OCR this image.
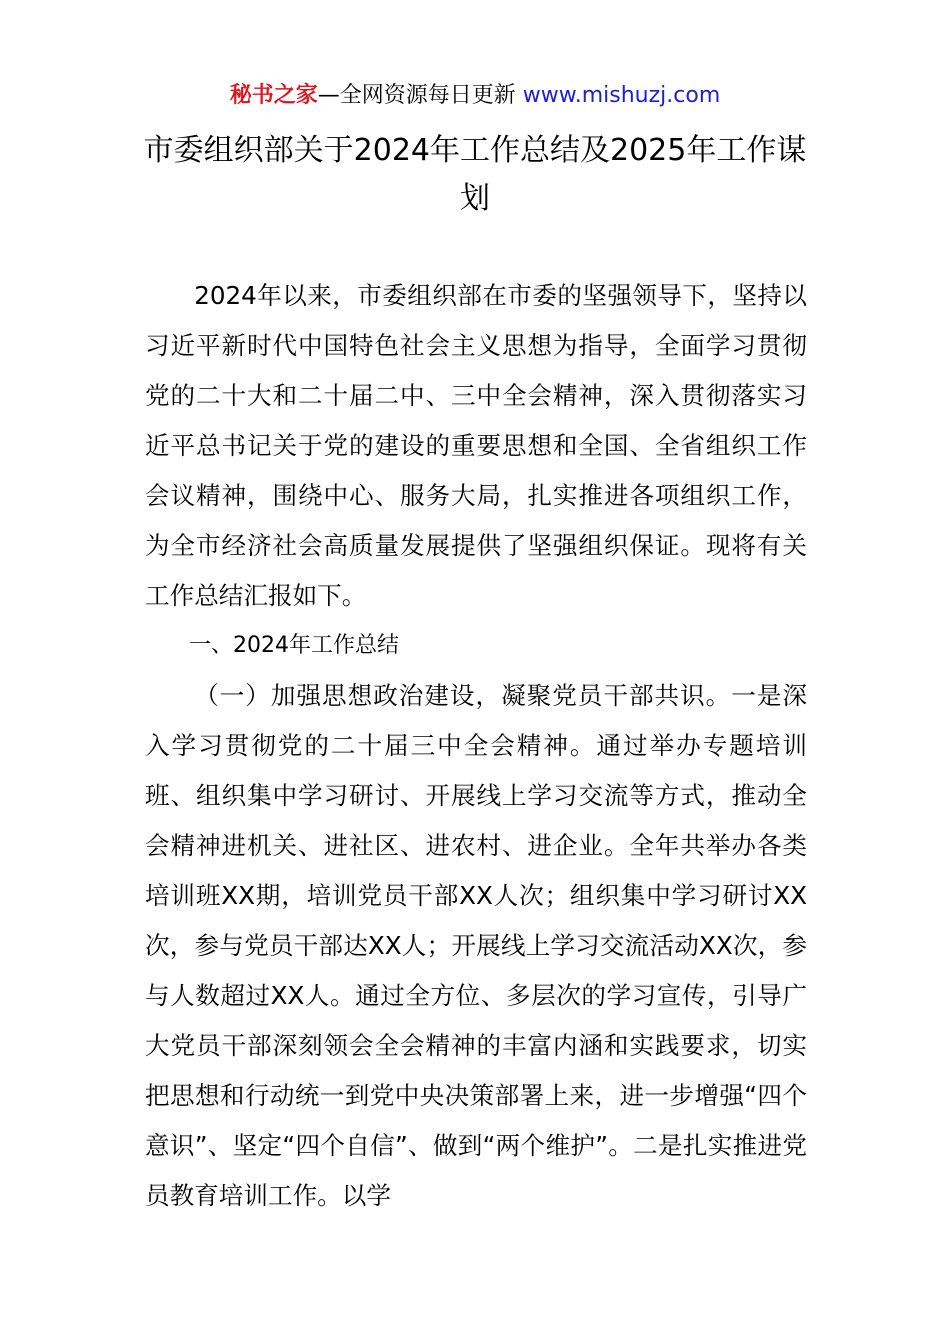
秘书之家—全网资源每日更新 www.mishuzj.com
市委组织部关于2024年工作总结及2025年工作谋划

2024年以来，市委组织部在市委的坚强领导下，坚持以习近平新时代中国特色社会主义思想为指导，全面学习贯彻党的二十大和二十届二中、三中全会精神，深入贯彻落实习近平总书记关于党的建设的重要思想和全国、全省组织工作会议精神，围绕中心、服务大局，扎实推进各项组织工作，为全市经济社会高质量发展提供了坚强组织保证。现将有关工作总结汇报如下。

一、2024年工作总结

（一）加强思想政治建设，凝聚党员干部共识。一是深入学习贯彻党的二十届三中全会精神。通过举办专题培训班、组织集中学习研讨、开展线上学习交流等方式，推动全会精神进机关、进社区、进农村、进企业。全年共举办各类培训班XX期，培训党员干部XX人次；组织集中学习研讨XX次，参与党员干部达XX人；开展线上学习交流活动XX次，参与人数超过XX人。通过全方位、多层次的学习宣传，引导广大党员干部深刻领会全会精神的丰富内涵和实践要求，切实把思想和行动统一到党中央决策部署上来，进一步增强“四个意识”、坚定“四个自信”、做到“两个维护”。二是扎实推进党员教育培训工作。以学
